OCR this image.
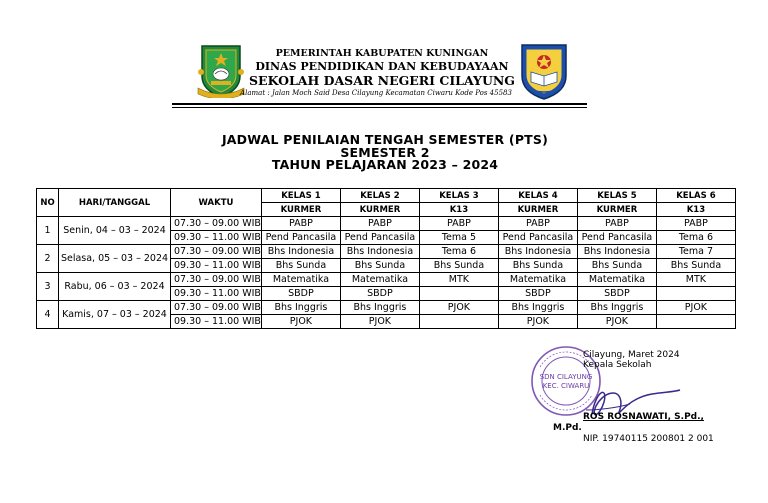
PEMERINTAH KABUPATEN KUNINGAN
DINAS PENDIDIKAN DAN KEBUDAYAAN
SEKOLAH DASAR NEGERI CILAYUNG
Alamat : Jalan Moch Said Desa Cilayung Kecamatan Ciwaru Kode Pos 45583
JADWAL PENILAIAN TENGAH SEMESTER (PTS)
SEMESTER 2
TAHUN PELAJARAN 2023 – 2024
NO	HARI/TANGGAL	WAKTU	KELAS 1	KELAS 2	KELAS 3	KELAS 4	KELAS 5	KELAS 6
			KURMER	KURMER	K13	KURMER	KURMER	K13
1	Senin, 04 – 03 – 2024	07.30 – 09.00 WIB	PABP	PABP	PABP	PABP	PABP	PABP
		09.30 – 11.00 WIB	Pend Pancasila	Pend Pancasila	Tema 5	Pend Pancasila	Pend Pancasila	Tema 6
2	Selasa, 05 – 03 – 2024	07.30 – 09.00 WIB	Bhs Indonesia	Bhs Indonesia	Tema 6	Bhs Indonesia	Bhs Indonesia	Tema 7
		09.30 – 11.00 WIB	Bhs Sunda	Bhs Sunda	Bhs Sunda	Bhs Sunda	Bhs Sunda	Bhs Sunda
3	Rabu, 06 – 03 – 2024	07.30 – 09.00 WIB	Matematika	Matematika	MTK	Matematika	Matematika	MTK
		09.30 – 11.00 WIB	SBDP	SBDP		SBDP	SBDP	
4	Kamis, 07 – 03 – 2024	07.30 – 09.00 WIB	Bhs Inggris	Bhs Inggris	PJOK	Bhs Inggris	Bhs Inggris	PJOK
		09.30 – 11.00 WIB	PJOK	PJOK		PJOK	PJOK	
SDN CILAYUNG
KEC. CIWARU
Cilayung, Maret 2024
Kepala Sekolah
ROS ROSNAWATI, S.Pd.,
M.Pd.
NIP. 19740115 200801 2 001
